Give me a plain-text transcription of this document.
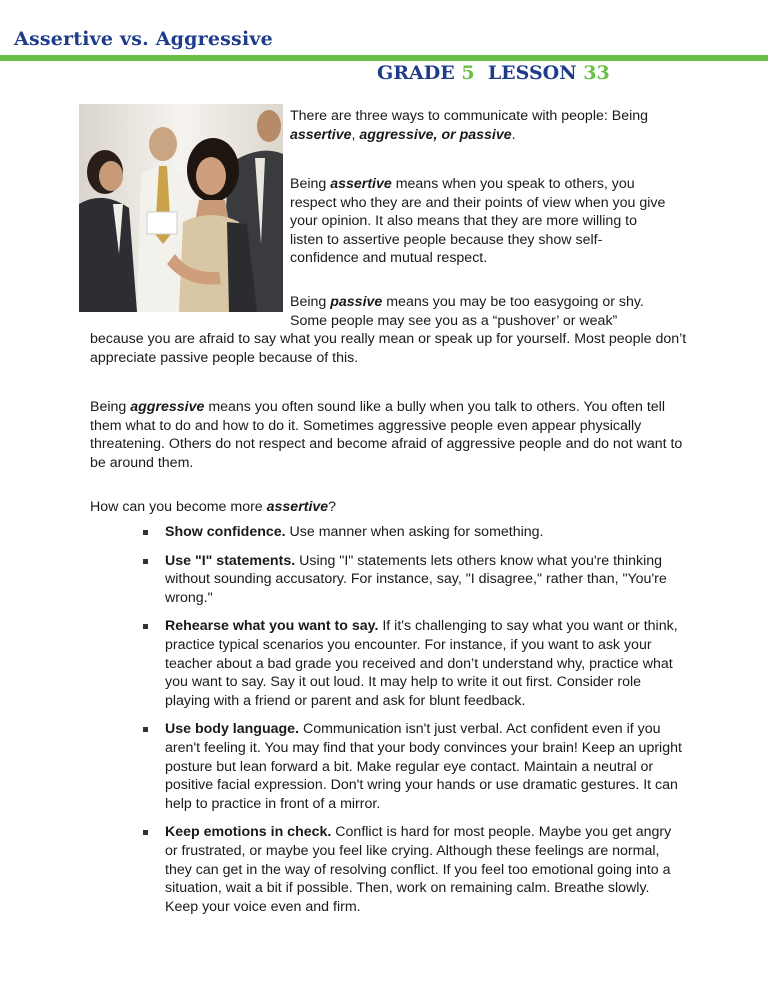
Assertive vs. Aggressive
GRADE 5 LESSON 33

There are three ways to communicate with people: Being assertive, aggressive, or passive.

Being assertive means when you speak to others, you respect who they are and their points of view when you give your opinion. It also means that they are more willing to listen to assertive people because they show self-confidence and mutual respect.

Being passive means you may be too easygoing or shy.
Some people may see you as a “pushover’ or weak”

because you are afraid to say what you really mean or speak up for yourself. Most people don’t appreciate passive people because of this.

Being aggressive means you often sound like a bully when you talk to others. You often tell them what to do and how to do it. Sometimes aggressive people even appear physically threatening. Others do not respect and become afraid of aggressive people and do not want to be around them.

How can you become more assertive?

Show confidence. Use manner when asking for something.
Use "I" statements. Using "I" statements lets others know what you're thinking without sounding accusatory. For instance, say, "I disagree," rather than, "You're wrong."
Rehearse what you want to say. If it's challenging to say what you want or think, practice typical scenarios you encounter. For instance, if you want to ask your teacher about a bad grade you received and don’t understand why, practice what you want to say. Say it out loud. It may help to write it out first. Consider role playing with a friend or parent and ask for blunt feedback.
Use body language. Communication isn't just verbal. Act confident even if you aren't feeling it. You may find that your body convinces your brain! Keep an upright posture but lean forward a bit. Make regular eye contact. Maintain a neutral or positive facial expression. Don't wring your hands or use dramatic gestures. It can help to practice in front of a mirror.
Keep emotions in check. Conflict is hard for most people. Maybe you get angry or frustrated, or maybe you feel like crying. Although these feelings are normal, they can get in the way of resolving conflict. If you feel too emotional going into a situation, wait a bit if possible. Then, work on remaining calm. Breathe slowly. Keep your voice even and firm.
